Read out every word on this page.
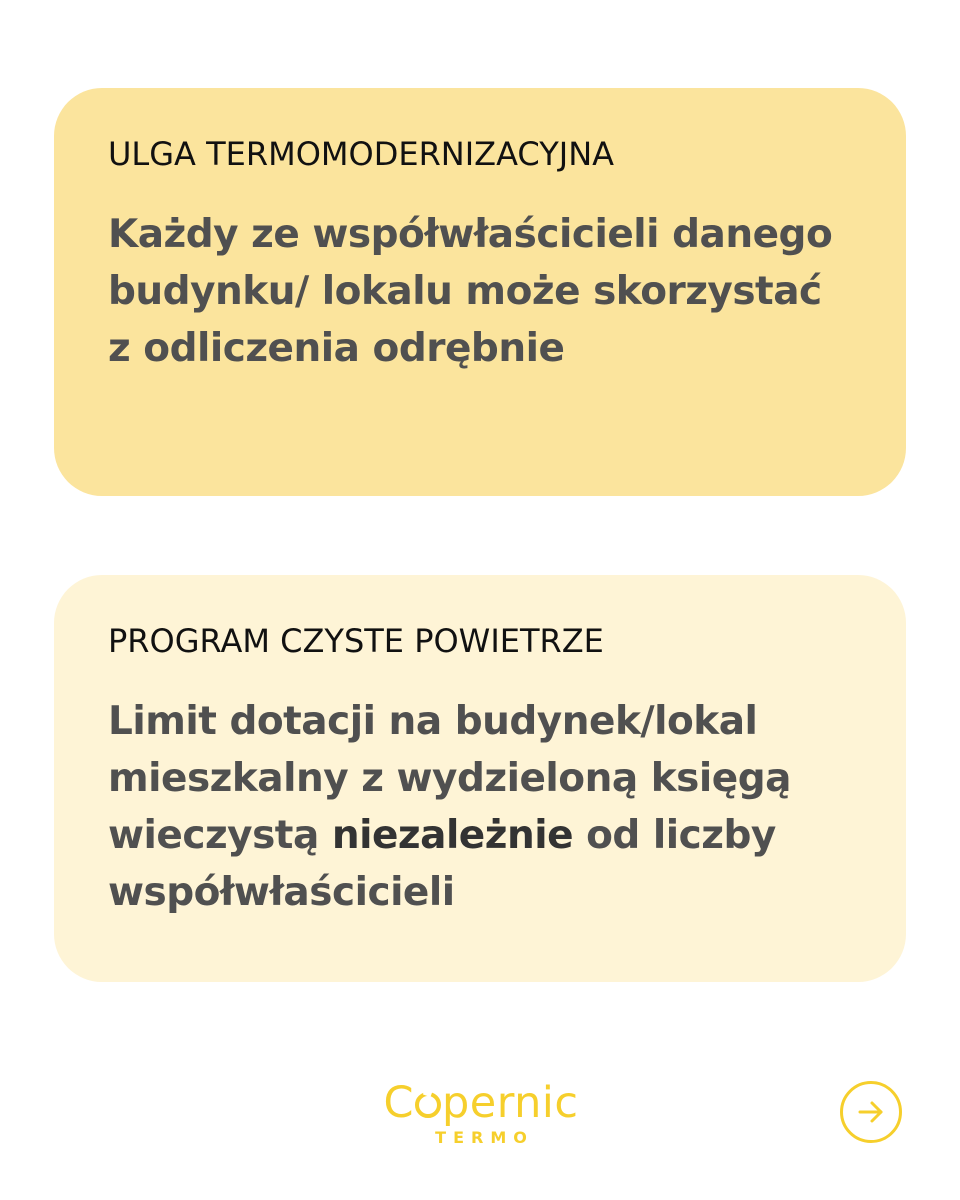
ULGA TERMOMODERNIZACYJNA
Każdy ze współwłaścicieli danego
budynku/ lokalu może skorzystać
z odliczenia odrębnie
PROGRAM CZYSTE POWIETRZE
Limit dotacji na budynek/lokal
mieszkalny z wydzieloną księgą
wieczystą niezależnie od liczby
współwłaścicieli
C pernic
TERMO
